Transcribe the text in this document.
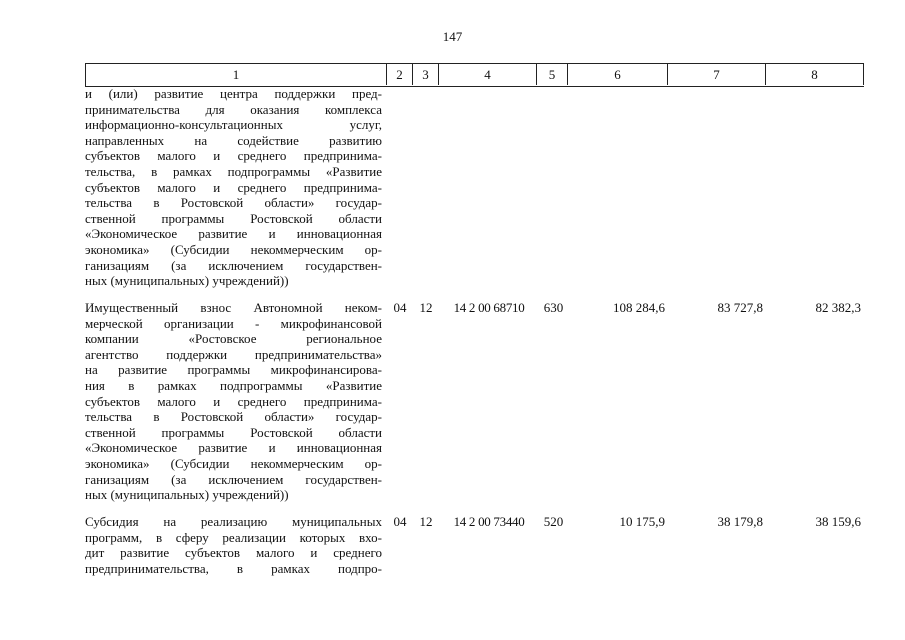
147
1	2	3	4	5	6	7	8
и (или) развитие центра поддержки пред-
принимательства для оказания комплекса
информационно-консультационных услуг,
направленных на содействие развитию
субъектов малого и среднего предпринима-
тельства, в рамках подпрограммы «Развитие
субъектов малого и среднего предпринима-
тельства в Ростовской области» государ-
ственной программы Ростовской области
«Экономическое развитие и инновационная
экономика» (Субсидии некоммерческим ор-
ганизациям (за исключением государствен-
ных (муниципальных) учреждений))
Имущественный взнос Автономной неком-
мерческой организации - микрофинансовой
компании «Ростовское региональное
агентство поддержки предпринимательства»
на развитие программы микрофинансирова-
ния в рамках подпрограммы «Развитие
субъектов малого и среднего предпринима-
тельства в Ростовской области» государ-
ственной программы Ростовской области
«Экономическое развитие и инновационная
экономика» (Субсидии некоммерческим ор-
ганизациям (за исключением государствен-
ных (муниципальных) учреждений))
04	12	14 2 00 68710	630	108 284,6	83 727,8	82 382,3
Субсидия на реализацию муниципальных
программ, в сферу реализации которых вхо-
дит развитие субъектов малого и среднего
предпринимательства, в рамках подпро-
04	12	14 2 00 73440	520	10 175,9	38 179,8	38 159,6
